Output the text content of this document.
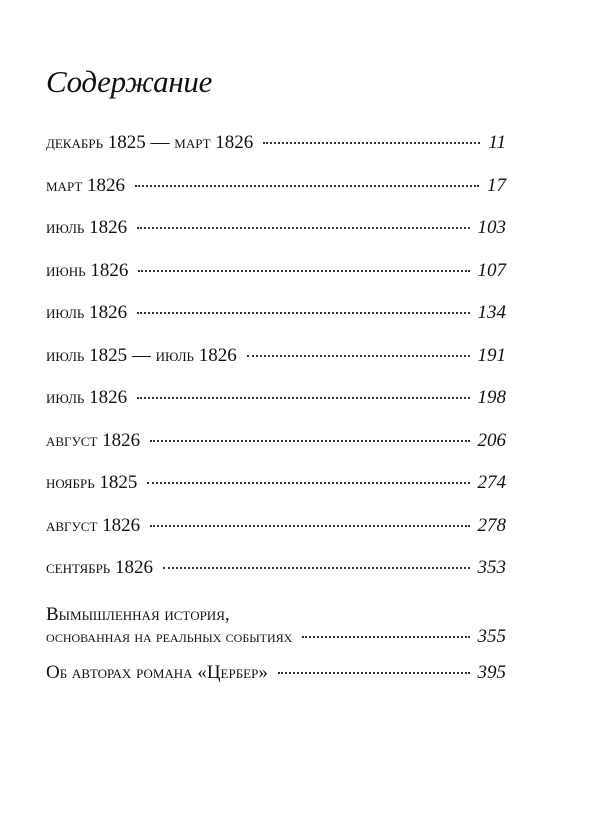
Содержание
декабрь 1825 — март 1826	11
март 1826	17
июль 1826	103
июнь 1826	107
июль 1826	134
июль 1825 — июль 1826	191
июль 1826	198
август 1826	206
ноябрь 1825	274
август 1826	278
сентябрь 1826	353
Вымышленная история,
основанная на реальных событиях	355
Об авторах романа «Цербер»	395
